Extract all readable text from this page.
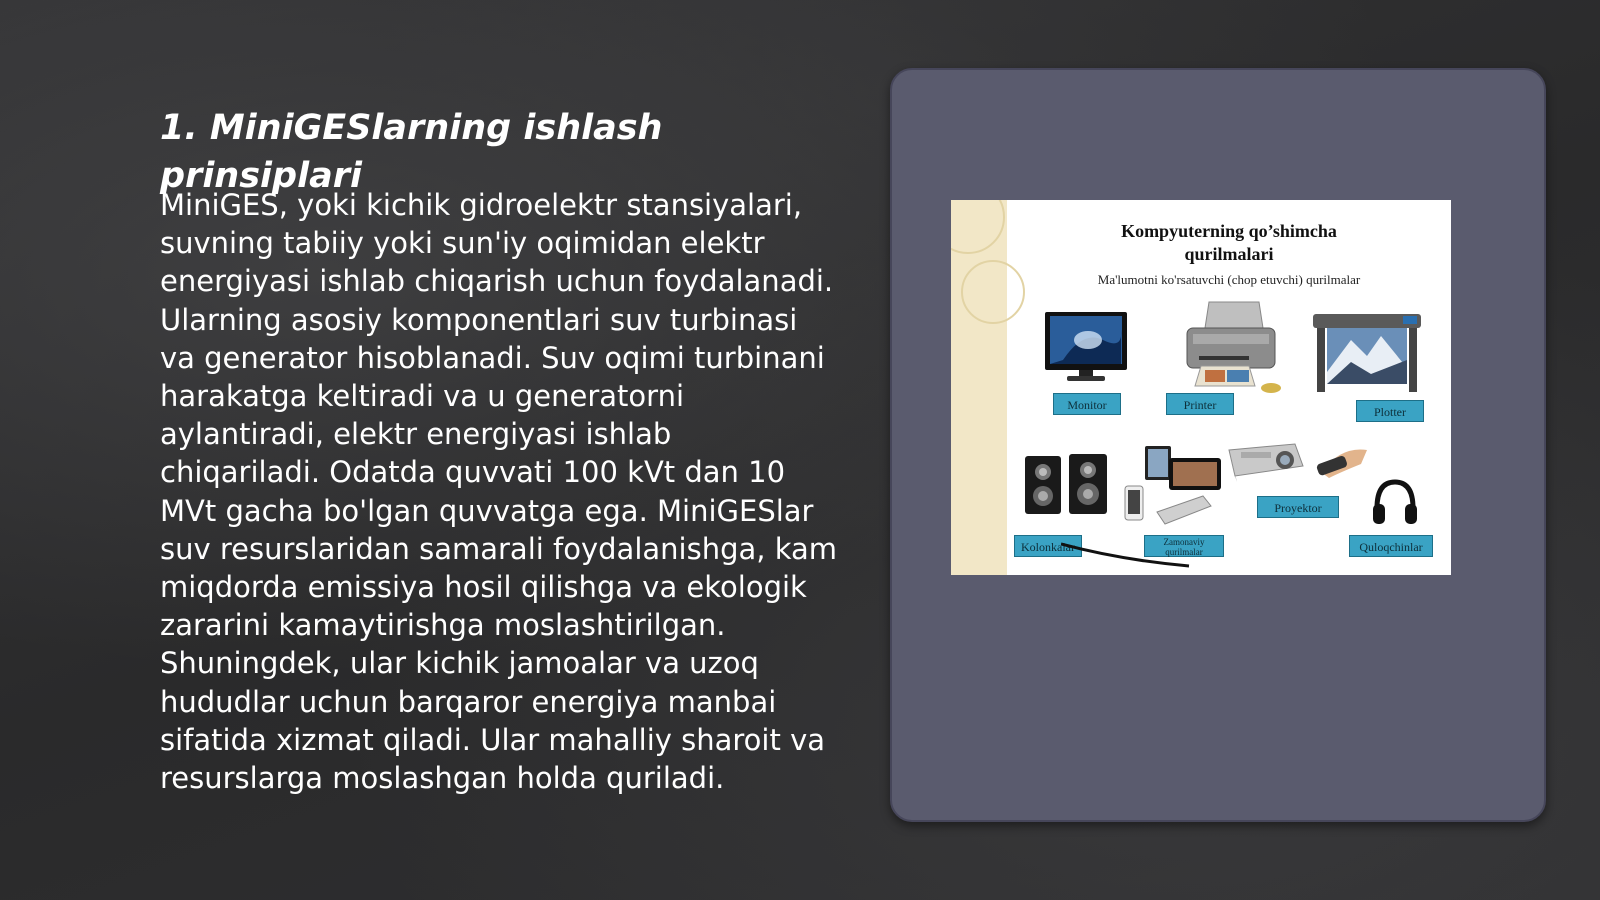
1. MiniGESlarning ishlash prinsiplari

MiniGES, yoki kichik gidroelektr stansiyalari, suvning tabiiy yoki sun'iy oqimidan elektr energiyasi ishlab chiqarish uchun foydalanadi. Ularning asosiy komponentlari suv turbinasi va generator hisoblanadi. Suv oqimi turbinani harakatga keltiradi va u generatorni aylantiradi, elektr energiyasi ishlab chiqariladi. Odatda quvvati 100 kVt dan 10 MVt gacha bo'lgan quvvatga ega. MiniGESlar suv resurslaridan samarali foydalanishga, kam miqdorda emissiya hosil qilishga va ekologik zararini kamaytirishga moslashtirilgan. Shuningdek, ular kichik jamoalar va uzoq hududlar uchun barqaror energiya manbai sifatida xizmat qiladi. Ular mahalliy sharoit va resurslarga moslashgan holda quriladi.

Kompyuterning qo’shimcha
qurilmalari
Ma'lumotni ko'rsatuvchi (chop etuvchi) qurilmalar
Monitor	Printer	Plotter
Kolonkalar	Zamonaviy qurilmalar
Proyektor
Quloqchinlar
